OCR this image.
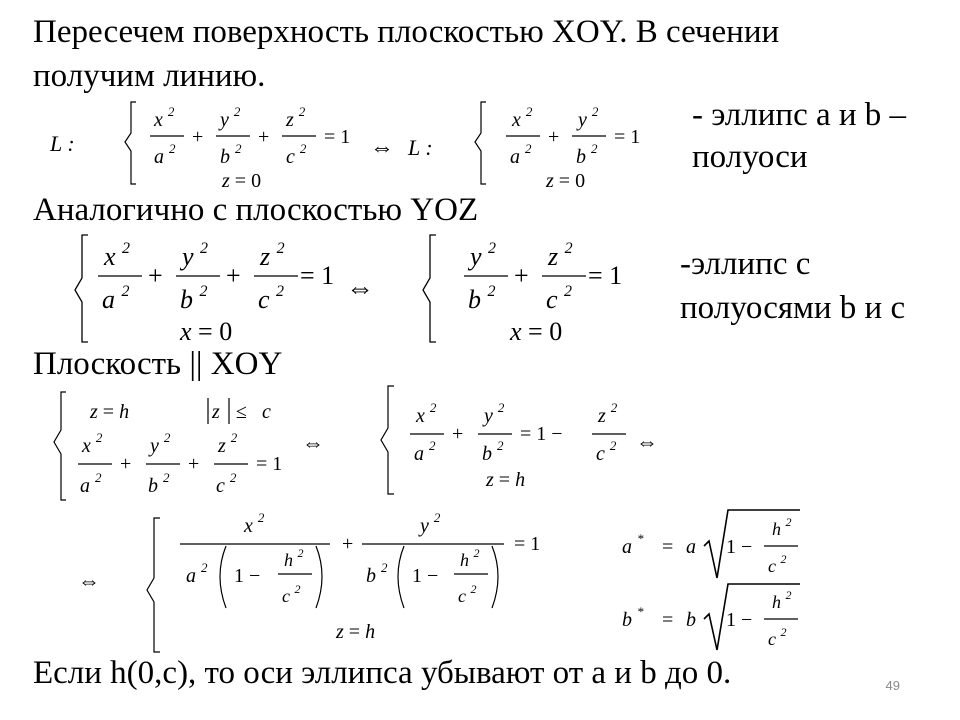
Пересечем поверхность плоскостью XOY. В сечении
получим линию.
- эллипс a и b –
полуоси
Аналогично с плоскостью YOZ
-эллипс с
полуосями b и c
Плоскость || XOY
Если h(0,c), то оси эллипса убывают от a и b до 0.	49
L :
x $^2$
a $^2$
+
y $^2$
b $^2$
+
z $^2$
c $^2$
= 1
z = 0
⇔ L :
x $^2$
a $^2$
+
y $^2$
b $^2$
= 1
z = 0
x $^2$
a $^2$
+
y $^2$
b $^2$
+
z $^2$
c $^2$
= 1
x = 0
⇔
y $^2$
b $^2$
+
z $^2$
c $^2$
= 1
x = 0
z = h	z ≤ c
x $^2$
a $^2$
+
y $^2$
b $^2$
+
z $^2$
c $^2$
= 1
⇔
x $^2$
a $^2$
+
y $^2$
b $^2$
= 1 −
z $^2$
c $^2$
z = h
⇔
⇔
x $^2$
a $^2$ 1 −
h $^2$
c $^2$
+
y $^2$
b $^2$ 1 −
h $^2$
c $^2$
= 1
z = h
a * = a 1 −
h $^2$
c $^2$
b * = b 1 −
h $^2$
c $^2$
